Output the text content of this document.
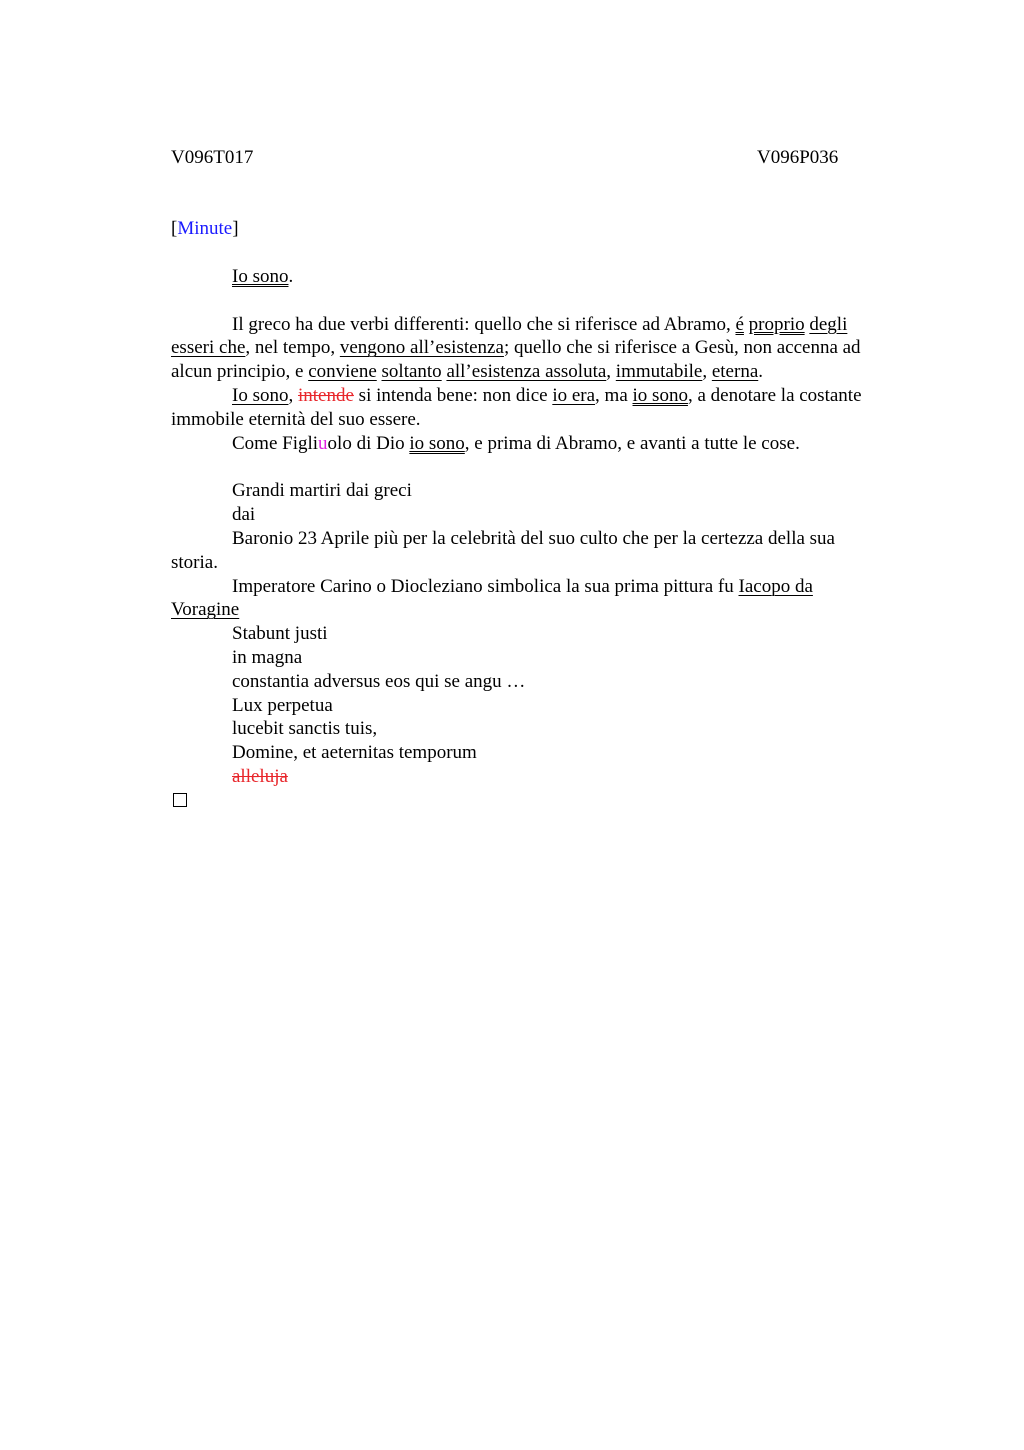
V096T017	V096P036
[Minute]
Io sono.
Il greco ha due verbi differenti: quello che si riferisce ad Abramo, é proprio degli
esseri che, nel tempo, vengono all’esistenza; quello che si riferisce a Gesù, non accenna ad
alcun principio, e conviene soltanto all’esistenza assoluta, immutabile, eterna.
Io sono, intende si intenda bene: non dice io era, ma io sono, a denotare la costante
immobile eternità del suo essere.
Come Figliuolo di Dio io sono, e prima di Abramo, e avanti a tutte le cose.
Grandi martiri dai greci
dai
Baronio 23 Aprile più per la celebrità del suo culto che per la certezza della sua
storia.
Imperatore Carino o Diocleziano simbolica la sua prima pittura fu Iacopo da
Voragine
Stabunt justi
in magna
constantia adversus eos qui se angu …
Lux perpetua
lucebit sanctis tuis,
Domine, et aeternitas temporum
alleluja
